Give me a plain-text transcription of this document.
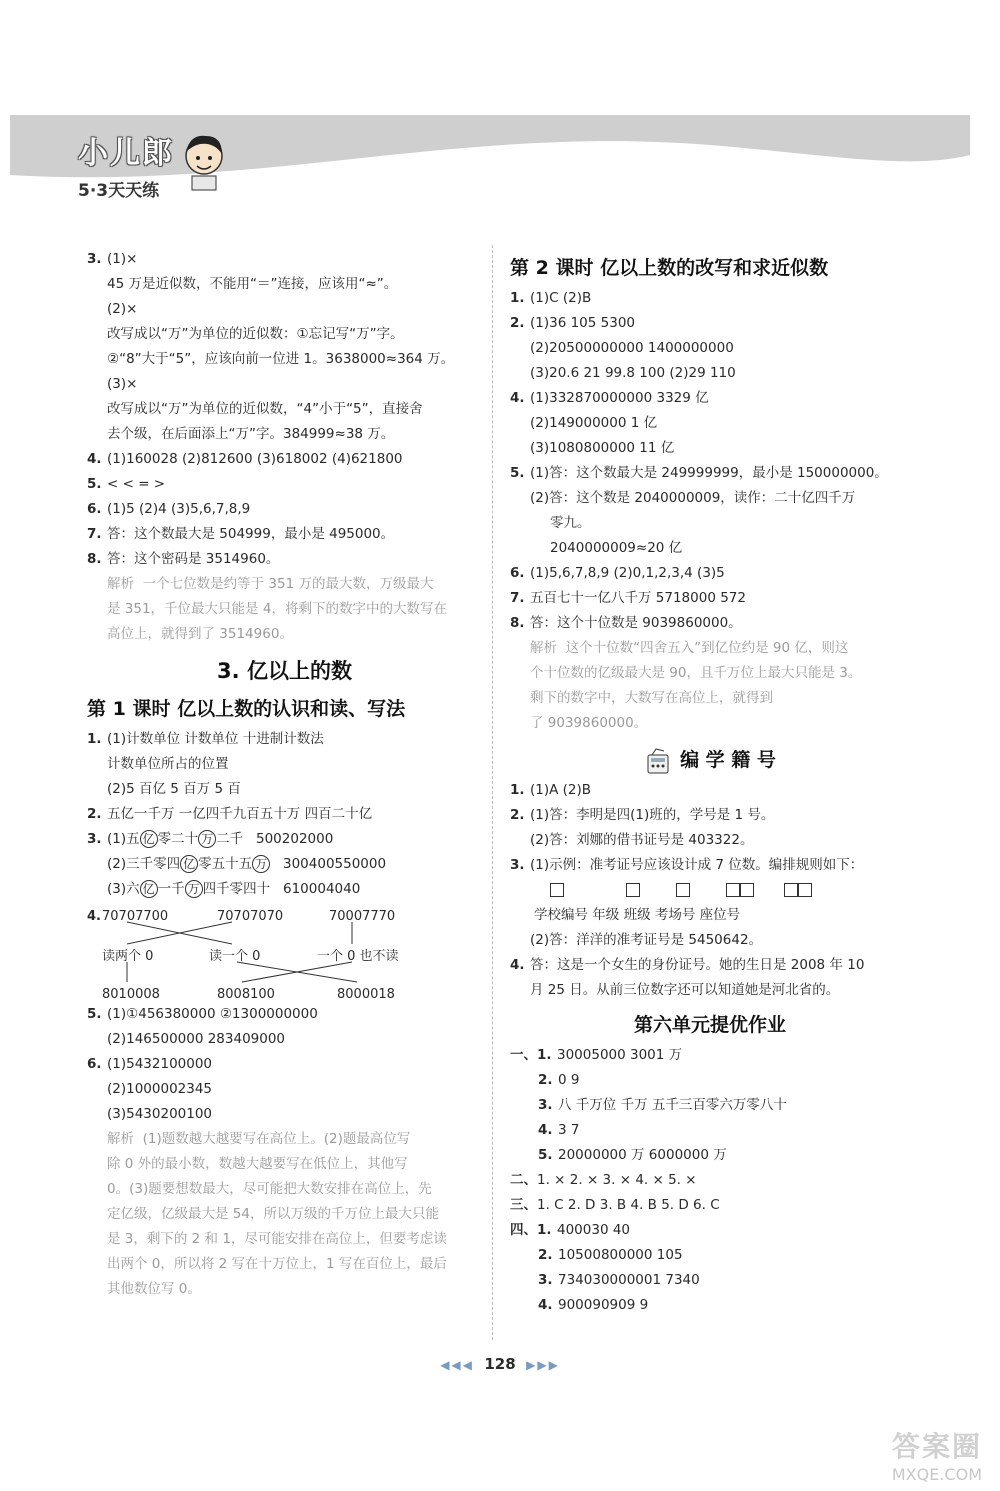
小儿郎
5·3天天练
3. (1)×
45 万是近似数，不能用“＝”连接，应该用“≈”。
(2)×
改写成以“万”为单位的近似数：①忘记写“万”字。
②“8”大于“5”，应该向前一位进 1。3638000≈364 万。
(3)×
改写成以“万”为单位的近似数，“4”小于“5”，直接舍
去个级，在后面添上“万”字。384999≈38 万。
4. (1)160028 (2)812600 (3)618002 (4)621800
5. < < = >
6. (1)5 (2)4 (3)5,6,7,8,9
7. 答：这个数最大是 504999，最小是 495000。
8. 答：这个密码是 3514960。
解析 一个七位数是约等于 351 万的最大数，万级最大
是 351，千位最大只能是 4，将剩下的数字中的大数写在
高位上，就得到了 3514960。
3. 亿以上的数
第 1 课时 亿以上数的认识和读、写法
1. (1)计数单位 计数单位 十进制计数法
计数单位所占的位置
(2)5 百亿 5 百万 5 百
2. 五亿一千万 一亿四千九百五十万 四百二十亿
3. (1)五 亿 零二十 万 二千 500202000
(2)三千零四 亿 零五十五 万 300400550000
(3)六 亿 一千 万 四千零四十 610004040
4. 70707700	70707070	70007770
读两个 0	读一个 0	一个 0 也不读
8010008	8008100	8000018
5. (1)①456380000 ②1300000000
(2)146500000 283409000
6. (1)5432100000
(2)1000002345
(3)5430200100
解析 (1)题数越大越要写在高位上。(2)题最高位写
除 0 外的最小数，数越大越要写在低位上，其他写
0。(3)题要想数最大，尽可能把大数安排在高位上，先
定亿级，亿级最大是 54，所以万级的千万位上最大只能
是 3，剩下的 2 和 1，尽可能安排在高位上，但要考虑读
出两个 0，所以将 2 写在十万位上，1 写在百位上，最后
其他数位写 0。
第 2 课时 亿以上数的改写和求近似数
1. (1)C (2)B
2. (1)36 105 5300
(2)20500000000 1400000000
(3)20.6 21 99.8 100 (2)29 110
4. (1)332870000000 3329 亿
(2)149000000 1 亿
(3)1080800000 11 亿
5. (1)答：这个数最大是 249999999，最小是 150000000。
(2)答：这个数是 2040000009，读作：二十亿四千万
零九。
2040000009≈20 亿
6. (1)5,6,7,8,9 (2)0,1,2,3,4 (3)5
7. 五百七十一亿八千万 5718000 572
8. 答：这个十位数是 9039860000。
解析 这个十位数“四舍五入”到亿位约是 90 亿，则这
个十位数的亿级最大是 90，且千万位上最大只能是 3。
剩下的数字中，大数写在高位上，就得到
了 9039860000。
编 学 籍 号
1. (1)A (2)B
2. (1)答：李明是四(1)班的，学号是 1 号。
(2)答：刘娜的借书证号是 403322。
3. (1)示例：准考证号应该设计成 7 位数。编排规则如下：
学校编号 年级 班级 考场号 座位号
(2)答：洋洋的准考证号是 5450642。
4. 答：这是一个女生的身份证号。她的生日是 2008 年 10
月 25 日。从前三位数字还可以知道她是河北省的。
第六单元提优作业
一、1. 30005000 3001 万
2. 0 9
3. 八 千万位 千万 五千三百零六万零八十
4. 3 7
5. 20000000 万 6000000 万
二、1. × 2. × 3. × 4. × 5. ×
三、1. C 2. D 3. B 4. B 5. D 6. C
四、1. 400030 40
2. 10500800000 105
3. 734030000001 7340
4. 900090909 9
◀◀◀ 128 ▶▶▶
答案圈
MXQE.COM
